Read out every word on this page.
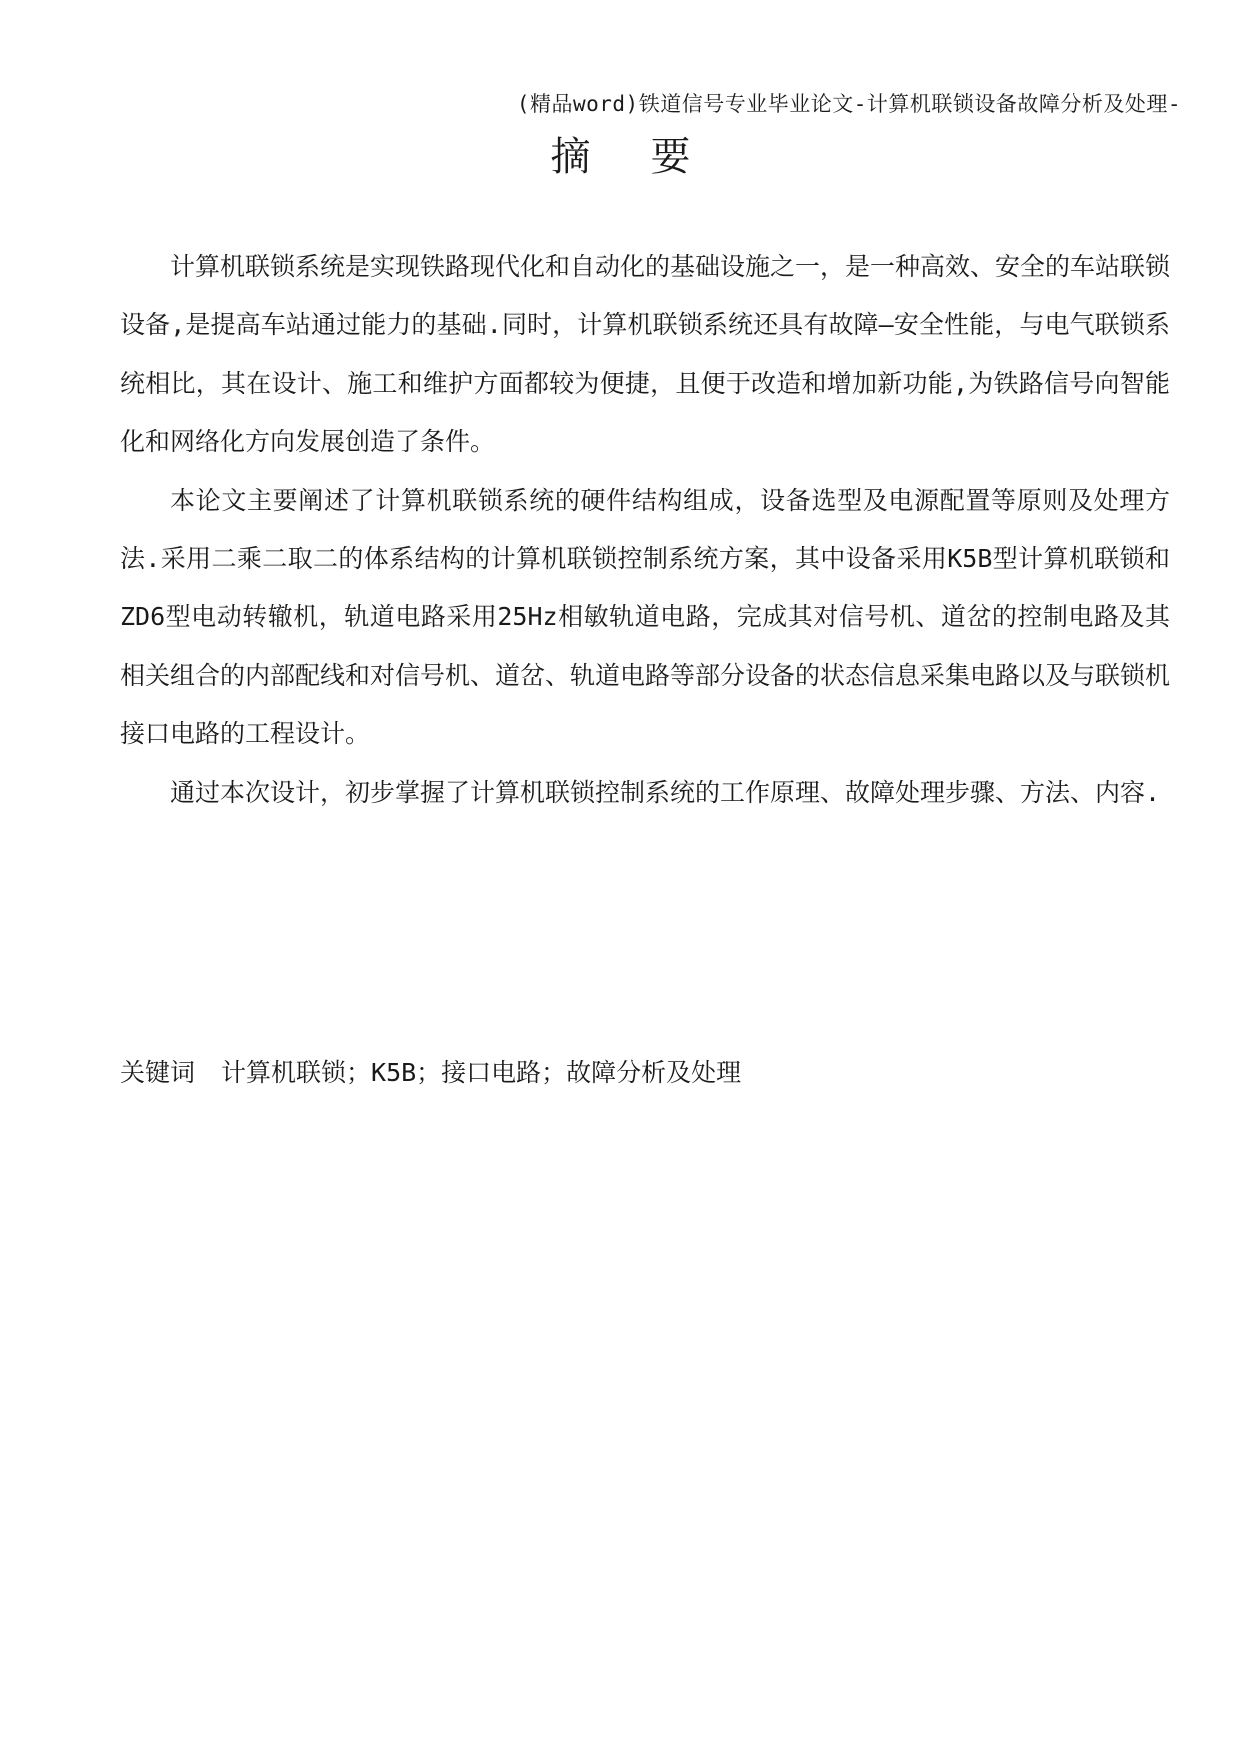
(精品word)铁道信号专业毕业论文-计算机联锁设备故障分析及处理-
摘要

计算机联锁系统是实现铁路现代化和自动化的基础设施之一，是一种高效、安全的车站联锁设备,是提高车站通过能力的基础.同时，计算机联锁系统还具有故障—安全性能，与电气联锁系统相比，其在设计、施工和维护方面都较为便捷，且便于改造和增加新功能,为铁路信号向智能化和网络化方向发展创造了条件。

本论文主要阐述了计算机联锁系统的硬件结构组成，设备选型及电源配置等原则及处理方法.采用二乘二取二的体系结构的计算机联锁控制系统方案，其中设备采用K5B型计算机联锁和ZD6型电动转辙机，轨道电路采用25Hz相敏轨道电路，完成其对信号机、道岔的控制电路及其相关组合的内部配线和对信号机、道岔、轨道电路等部分设备的状态信息采集电路以及与联锁机接口电路的工程设计。

通过本次设计，初步掌握了计算机联锁控制系统的工作原理、故障处理步骤、方法、内容.

关键词 计算机联锁；K5B；接口电路；故障分析及处理
